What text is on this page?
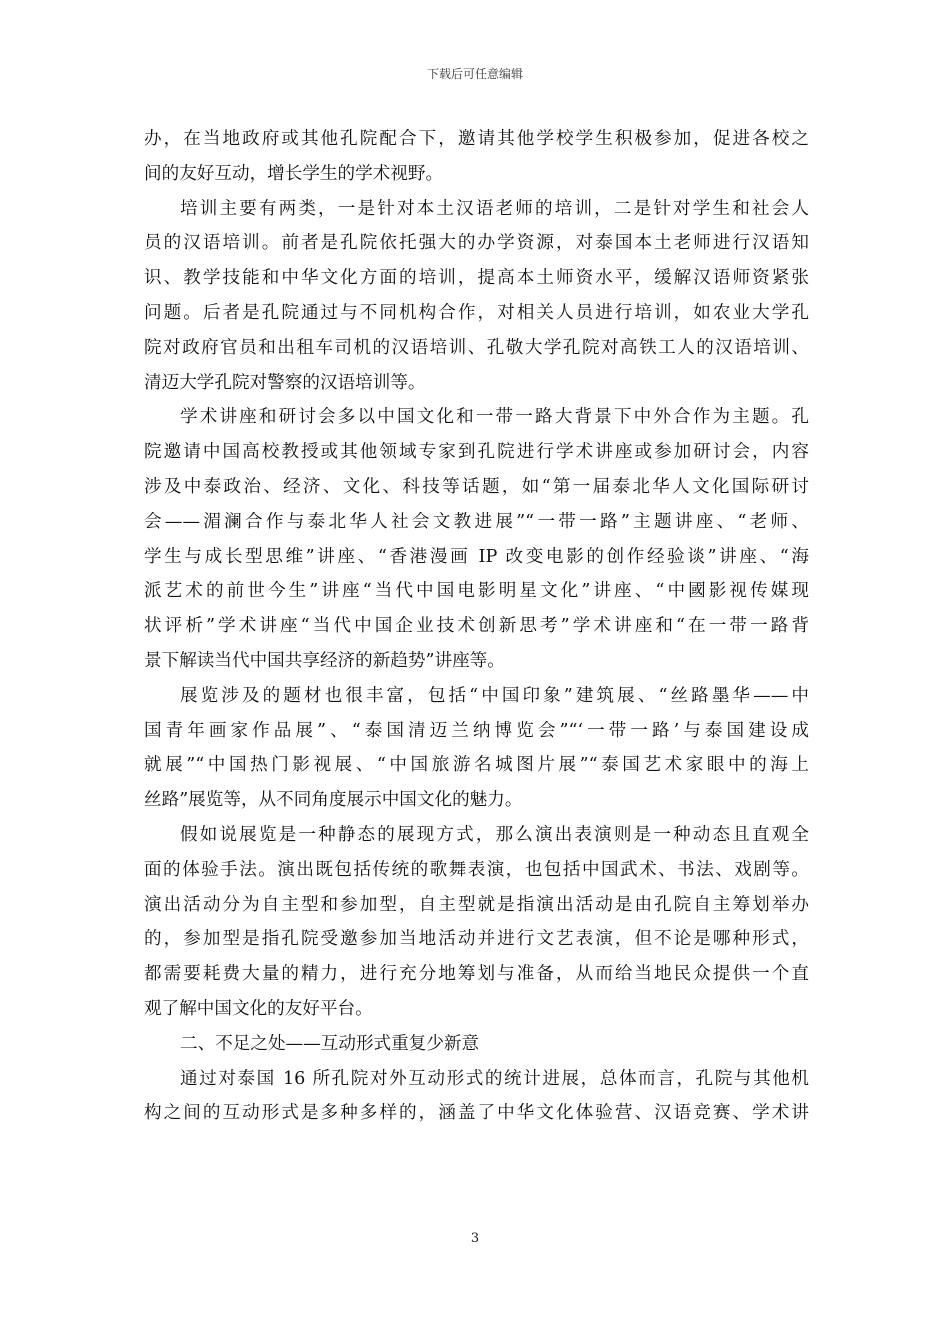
下载后可任意编辑
办，在当地政府或其他孔院配合下，邀请其他学校学生积极参加，促进各校之
间的友好互动，增长学生的学术视野。
培训主要有两类，一是针对本土汉语老师的培训，二是针对学生和社会人
员的汉语培训。前者是孔院依托强大的办学资源，对泰国本土老师进行汉语知
识、教学技能和中华文化方面的培训，提高本土师资水平，缓解汉语师资紧张
问题。后者是孔院通过与不同机构合作，对相关人员进行培训，如农业大学孔
院对政府官员和出租车司机的汉语培训、孔敬大学孔院对高铁工人的汉语培训、
清迈大学孔院对警察的汉语培训等。
学术讲座和研讨会多以中国文化和一带一路大背景下中外合作为主题。孔
院邀请中国高校教授或其他领域专家到孔院进行学术讲座或参加研讨会，内容
涉及中泰政治、经济、文化、科技等话题，如“第一届泰北华人文化国际研讨
会——湄澜合作与泰北华人社会文教进展”“一带一路”主题讲座、“老师、
学生与成长型思维”讲座、“香港漫画 IP 改变电影的创作经验谈”讲座、“海
派艺术的前世今生”讲座“当代中国电影明星文化”讲座、“中國影视传媒现
状评析”学术讲座“当代中国企业技术创新思考”学术讲座和“在一带一路背
景下解读当代中国共享经济的新趋势”讲座等。
展览涉及的题材也很丰富，包括“中国印象”建筑展、“丝路墨华——中
国青年画家作品展”、“泰国清迈兰纳博览会”“‘一带一路’与泰国建设成
就展”“中国热门影视展、“中国旅游名城图片展”“泰国艺术家眼中的海上
丝路”展览等，从不同角度展示中国文化的魅力。
假如说展览是一种静态的展现方式，那么演出表演则是一种动态且直观全
面的体验手法。演出既包括传统的歌舞表演，也包括中国武术、书法、戏剧等。
演出活动分为自主型和参加型，自主型就是指演出活动是由孔院自主筹划举办
的，参加型是指孔院受邀参加当地活动并进行文艺表演，但不论是哪种形式，
都需要耗费大量的精力，进行充分地筹划与准备，从而给当地民众提供一个直
观了解中国文化的友好平台。
二、不足之处——互动形式重复少新意
通过对泰国 16 所孔院对外互动形式的统计进展，总体而言，孔院与其他机
构之间的互动形式是多种多样的，涵盖了中华文化体验营、汉语竞赛、学术讲
3
